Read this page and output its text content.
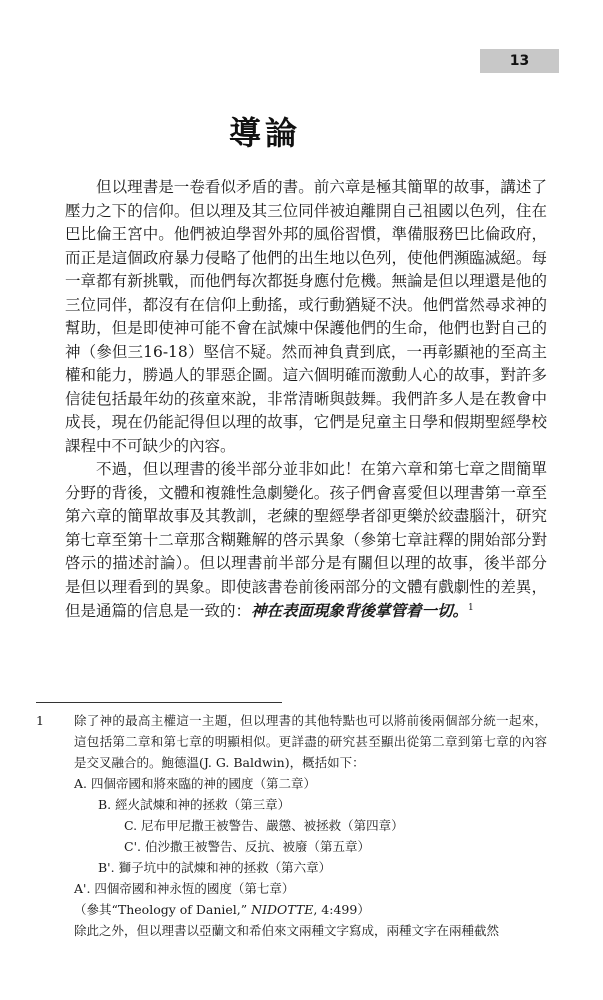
13
導論

但以理書是一卷看似矛盾的書。前六章是極其簡單的故事，講述了壓力之下的信仰。但以理及其三位同伴被迫離開自己祖國以色列，住在巴比倫王宮中。他們被迫學習外邦的風俗習慣，準備服務巴比倫政府，而正是這個政府暴力侵略了他們的出生地以色列，使他們瀕臨滅絕。每一章都有新挑戰，而他們每次都挺身應付危機。無論是但以理還是他的三位同伴，都沒有在信仰上動搖，或行動猶疑不決。他們當然尋求神的幫助，但是即使神可能不會在試煉中保護他們的生命，他們也對自己的神（參但三16-18）堅信不疑。然而神負責到底，一再彰顯祂的至高主權和能力，勝過人的罪惡企圖。這六個明確而激動人心的故事，對許多信徒包括最年幼的孩童來說，非常清晰與鼓舞。我們許多人是在教會中成長，現在仍能記得但以理的故事，它們是兒童主日學和假期聖經學校課程中不可缺少的內容。

不過，但以理書的後半部分並非如此！在第六章和第七章之間簡單分野的背後，文體和複雜性急劇變化。孩子們會喜愛但以理書第一章至第六章的簡單故事及其教訓，老練的聖經學者卻更樂於絞盡腦汁，研究第七章至第十二章那含糊難解的啓示異象（參第七章註釋的開始部分對啓示的描述討論）。但以理書前半部分是有關但以理的故事，後半部分是但以理看到的異象。即使該書卷前後兩部分的文體有戲劇性的差異，但是通篇的信息是一致的：神在表面現象背後掌管着一切。$^1$

1	除了神的最高主權這一主題，但以理書的其他特點也可以將前後兩個部分統一起來，這包括第二章和第七章的明顯相似。更詳盡的研究甚至顯出從第二章到第七章的內容是交叉融合的。鮑德溫(J. G. Baldwin)，概括如下：
A. 四個帝國和將來臨的神的國度（第二章）
B. 經火試煉和神的拯救（第三章）
C. 尼布甲尼撒王被警告、嚴懲、被拯救（第四章）
C'. 伯沙撒王被警告、反抗、被廢（第五章）
B'. 獅子坑中的試煉和神的拯救（第六章）
A'. 四個帝國和神永恆的國度（第七章）
（參其“Theology of Daniel,” NIDOTTE, 4:499）
除此之外，但以理書以亞蘭文和希伯來文兩種文字寫成，兩種文字在兩種截然
